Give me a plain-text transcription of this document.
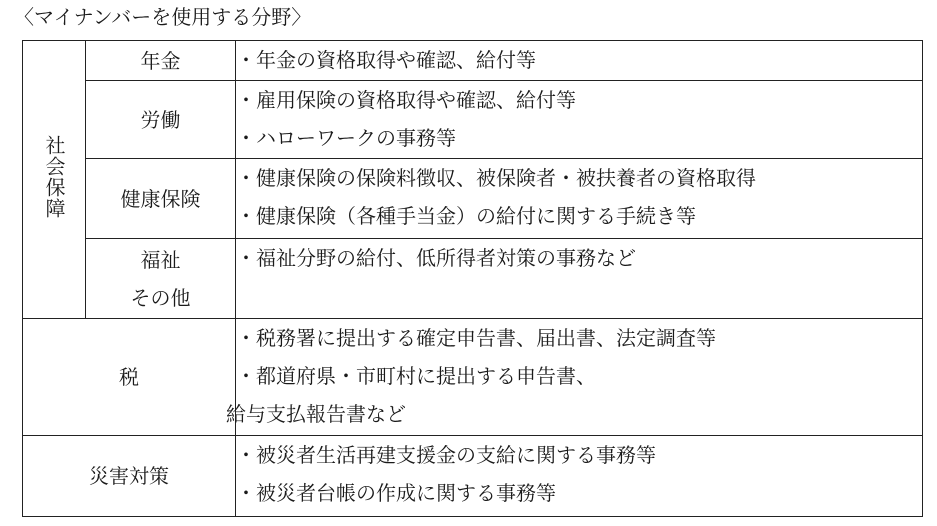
〈マイナンバーを使用する分野〉
社会保障	年金	・年金の資格取得や確認、給付等

	労働	・雇用保険の資格取得や確認、給付等
・ハローワークの事務等

	健康保険	・健康保険の保険料徴収、被保険者・被扶養者の資格取得
・健康保険（各種手当金）の給付に関する手続き等

	福祉
その他	・福祉分野の給付、低所得者対策の事務など

税		・税務署に提出する確定申告書、届出書、法定調査等
・都道府県・市町村に提出する申告書、
給与支払報告書など

災害対策		・被災者生活再建支援金の支給に関する事務等
・被災者台帳の作成に関する事務等
